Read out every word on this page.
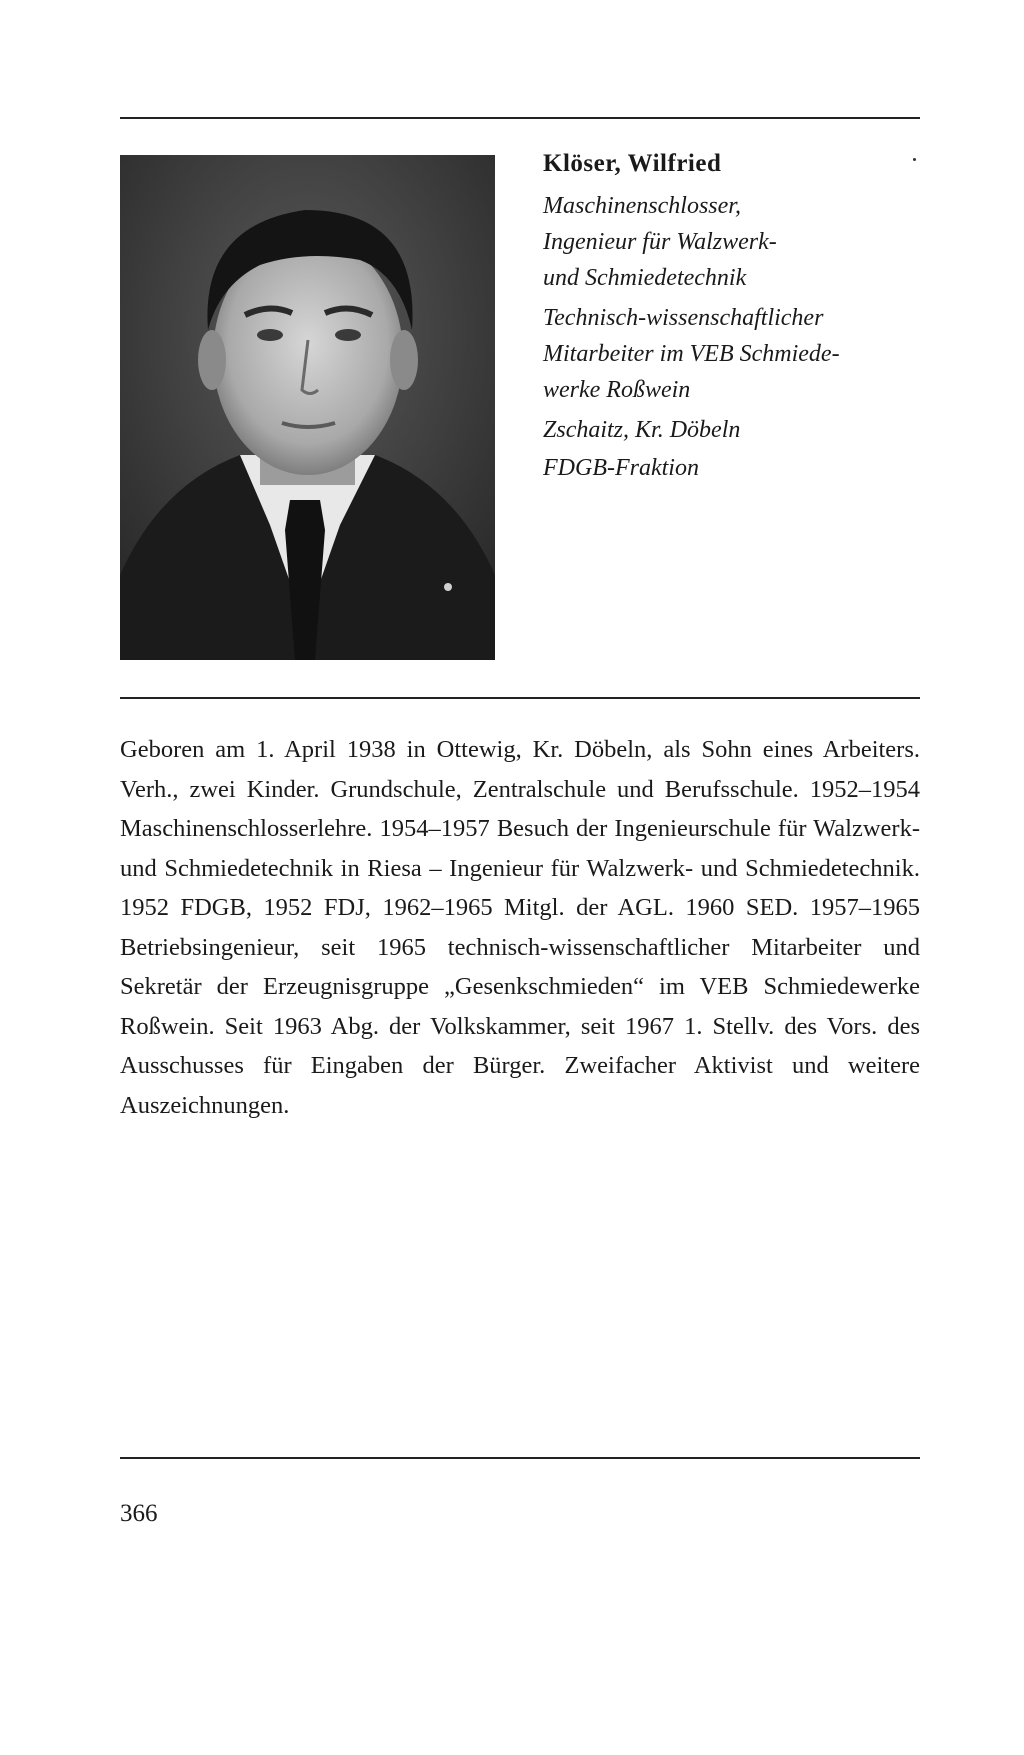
Klöser, Wilfried

Maschinenschlosser,
Ingenieur für Walzwerk-
und Schmiedetechnik

Technisch-wissenschaftlicher
Mitarbeiter im VEB Schmiede-
werke Roßwein

Zschaitz, Kr. Döbeln

FDGB-Fraktion

Geboren am 1. April 1938 in Ottewig, Kr. Döbeln, als Sohn eines Arbeiters. Verh., zwei Kinder. Grundschule, Zentralschule und Berufsschule. 1952–1954 Maschinenschlosserlehre. 1954–1957 Besuch der Ingenieurschule für Walzwerk- und Schmiedetechnik in Riesa – Ingenieur für Walzwerk- und Schmiedetechnik. 1952 FDGB, 1952 FDJ, 1962–1965 Mitgl. der AGL. 1960 SED. 1957–1965 Betriebsingenieur, seit 1965 technisch-wissenschaftlicher Mitarbeiter und Sekretär der Erzeugnisgruppe „Gesenkschmieden“ im VEB Schmiedewerke Roßwein. Seit 1963 Abg. der Volkskammer, seit 1967 1. Stellv. des Vors. des Ausschusses für Eingaben der Bürger. Zweifacher Aktivist und weitere Auszeichnungen.

366
